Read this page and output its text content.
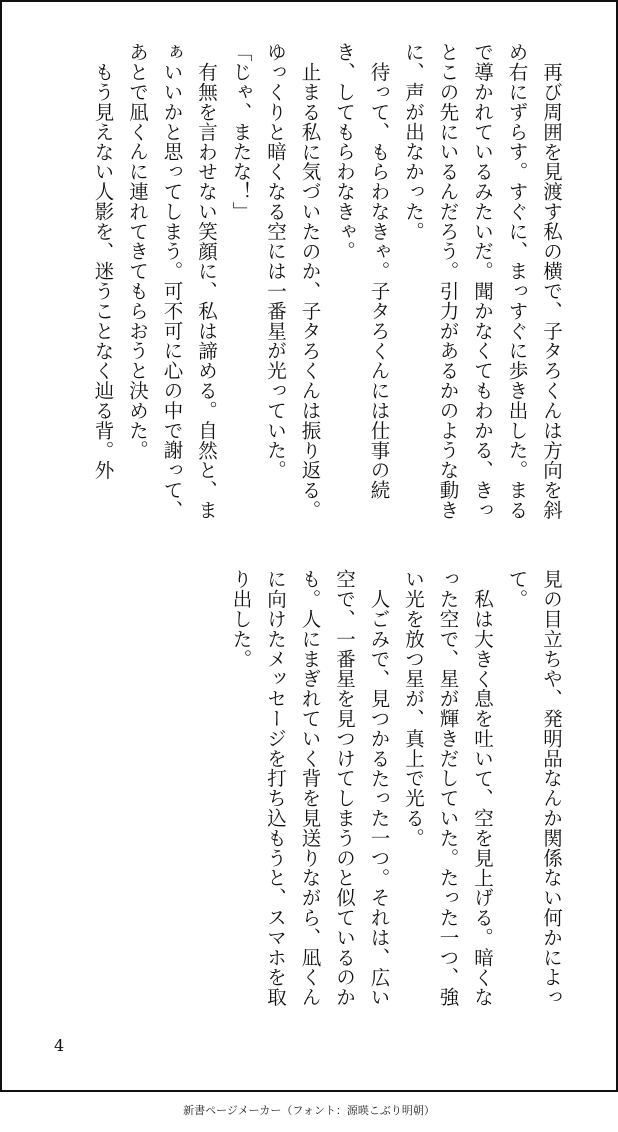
再び周囲を見渡す私の横で、子タろくんは方向を斜め右にずらす。すぐに、まっすぐに歩き出した。まるで導かれているみたいだ。聞かなくてもわかる、きっとこの先にいるんだろう。引力があるかのような動きに、声が出なかった。

待って、もらわなきゃ。子タろくんには仕事の続き、してもらわなきゃ。

止まる私に気づいたのか、子タろくんは振り返る。ゆっくりと暗くなる空には一番星が光っていた。

「じゃ、またな！」

有無を言わせない笑顔に、私は諦める。自然と、まぁいいかと思ってしまう。可不可に心の中で謝って、あとで凪くんに連れてきてもらおうと決めた。

もう見えない人影を、迷うことなく辿る背。外

見の目立ちや、発明品なんか関係ない何かによって。

私は大きく息を吐いて、空を見上げる。暗くなった空で、星が輝きだしていた。たった一つ、強い光を放つ星が、真上で光る。

人ごみで、見つかるたった一つ。それは、広い空で、一番星を見つけてしまうのと似ているのかも。人にまぎれていく背を見送りながら、凪くんに向けたメッセージを打ち込もうと、スマホを取り出した。

4
新書ページメーカー（フォント：源暎こぶり明朝）
